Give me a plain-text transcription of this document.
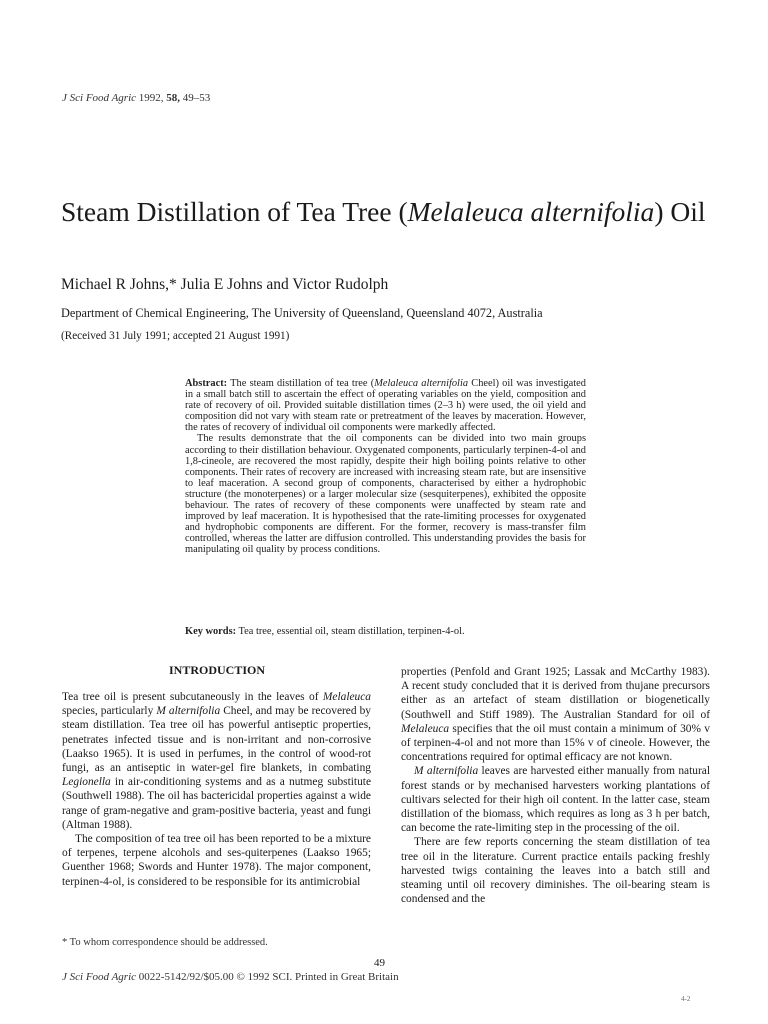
J Sci Food Agric 1992, 58, 49–53
Steam Distillation of Tea Tree (Melaleuca alternifolia) Oil
Michael R Johns,* Julia E Johns and Victor Rudolph
Department of Chemical Engineering, The University of Queensland, Queensland 4072, Australia
(Received 31 July 1991; accepted 21 August 1991)

Abstract: The steam distillation of tea tree (Melaleuca alternifolia Cheel) oil was investigated in a small batch still to ascertain the effect of operating variables on the yield, composition and rate of recovery of oil. Provided suitable distillation times (2–3 h) were used, the oil yield and composition did not vary with steam rate or pretreatment of the leaves by maceration. However, the rates of recovery of individual oil components were markedly affected.

The results demonstrate that the oil components can be divided into two main groups according to their distillation behaviour. Oxygenated components, particularly terpinen-4-ol and 1,8-cineole, are recovered the most rapidly, despite their high boiling points relative to other components. Their rates of recovery are increased with increasing steam rate, but are insensitive to leaf maceration. A second group of components, characterised by either a hydrophobic structure (the monoterpenes) or a larger molecular size (sesquiterpenes), exhibited the opposite behaviour. The rates of recovery of these components were unaffected by steam rate and improved by leaf maceration. It is hypothesised that the rate-limiting processes for oxygenated and hydrophobic components are different. For the former, recovery is mass-transfer film controlled, whereas the latter are diffusion controlled. This understanding provides the basis for manipulating oil quality by process conditions.

Key words: Tea tree, essential oil, steam distillation, terpinen-4-ol.
INTRODUCTION

Tea tree oil is present subcutaneously in the leaves of Melaleuca species, particularly M alternifolia Cheel, and may be recovered by steam distillation. Tea tree oil has powerful antiseptic properties, penetrates infected tissue and is non-irritant and non-corrosive (Laakso 1965). It is used in perfumes, in the control of wood-rot fungi, as an antiseptic in water-gel fire blankets, in combating Legionella in air-conditioning systems and as a nutmeg substitute (Southwell 1988). The oil has bactericidal properties against a wide range of gram-negative and gram-positive bacteria, yeast and fungi (Altman 1988).

The composition of tea tree oil has been reported to be a mixture of terpenes, terpene alcohols and ses-quiterpenes (Laakso 1965; Guenther 1968; Swords and Hunter 1978). The major component, terpinen-4-ol, is considered to be responsible for its antimicrobial

properties (Penfold and Grant 1925; Lassak and McCarthy 1983). A recent study concluded that it is derived from thujane precursors either as an artefact of steam distillation or biogenetically (Southwell and Stiff 1989). The Australian Standard for oil of Melaleuca specifies that the oil must contain a minimum of 30% v of terpinen-4-ol and not more than 15% v of cineole. However, the concentrations required for optimal efficacy are not known.

M alternifolia leaves are harvested either manually from natural forest stands or by mechanised harvesters working plantations of cultivars selected for their high oil content. In the latter case, steam distillation of the biomass, which requires as long as 3 h per batch, can become the rate-limiting step in the processing of the oil.

There are few reports concerning the steam distillation of tea tree oil in the literature. Current practice entails packing freshly harvested twigs containing the leaves into a batch still and steaming until oil recovery diminishes. The oil-bearing steam is condensed and the

* To whom correspondence should be addressed.
49
J Sci Food Agric 0022-5142/92/$05.00 © 1992 SCI. Printed in Great Britain
4-2
